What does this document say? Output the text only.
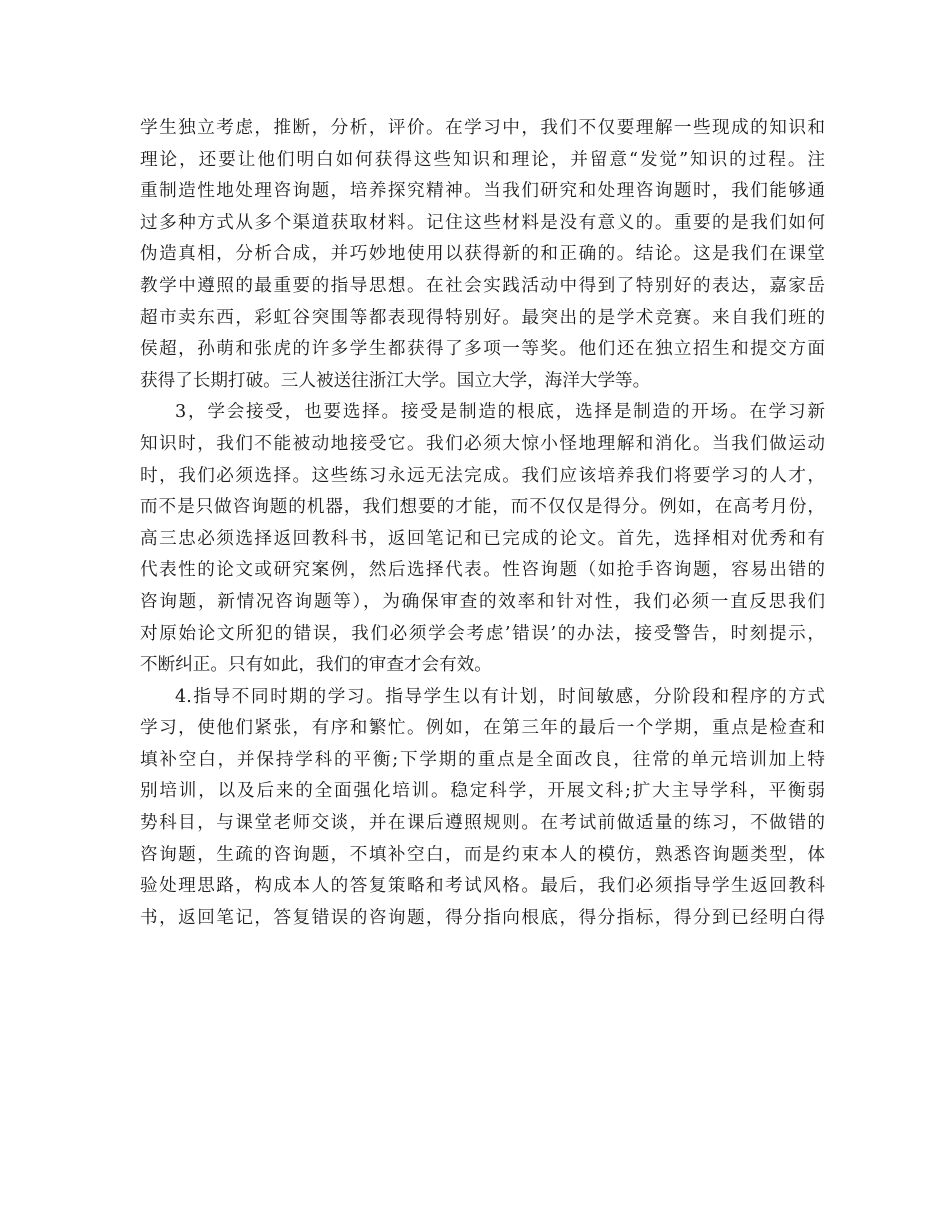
学生独立考虑，推断，分析，评价。在学习中，我们不仅要理解一些现成的知识和
理论，还要让他们明白如何获得这些知识和理论，并留意“发觉”知识的过程。注
重制造性地处理咨询题，培养探究精神。当我们研究和处理咨询题时，我们能够通
过多种方式从多个渠道获取材料。记住这些材料是没有意义的。重要的是我们如何
伪造真相，分析合成，并巧妙地使用以获得新的和正确的。结论。这是我们在课堂
教学中遵照的最重要的指导思想。在社会实践活动中得到了特别好的表达，嘉家岳
超市卖东西，彩虹谷突围等都表现得特别好。最突出的是学术竞赛。来自我们班的
侯超，孙萌和张虎的许多学生都获得了多项一等奖。他们还在独立招生和提交方面
获得了长期打破。三人被送往浙江大学。国立大学，海洋大学等。
3，学会接受，也要选择。接受是制造的根底，选择是制造的开场。在学习新
知识时，我们不能被动地接受它。我们必须大惊小怪地理解和消化。当我们做运动
时，我们必须选择。这些练习永远无法完成。我们应该培养我们将要学习的人才，
而不是只做咨询题的机器，我们想要的才能，而不仅仅是得分。例如，在高考月份，
高三忠必须选择返回教科书，返回笔记和已完成的论文。首先，选择相对优秀和有
代表性的论文或研究案例，然后选择代表。性咨询题（如抢手咨询题，容易出错的
咨询题，新情况咨询题等），为确保审查的效率和针对性，我们必须一直反思我们
对原始论文所犯的错误，我们必须学会考虑’错误’的办法，接受警告，时刻提示，
不断纠正。只有如此，我们的审查才会有效。
4.指导不同时期的学习。指导学生以有计划，时间敏感，分阶段和程序的方式
学习，使他们紧张，有序和繁忙。例如，在第三年的最后一个学期，重点是检查和
填补空白，并保持学科的平衡;下学期的重点是全面改良，往常的单元培训加上特
别培训，以及后来的全面强化培训。稳定科学，开展文科;扩大主导学科，平衡弱
势科目，与课堂老师交谈，并在课后遵照规则。在考试前做适量的练习，不做错的
咨询题，生疏的咨询题，不填补空白，而是约束本人的模仿，熟悉咨询题类型，体
验处理思路，构成本人的答复策略和考试风格。最后，我们必须指导学生返回教科
书，返回笔记，答复错误的咨询题，得分指向根底，得分指标，得分到已经明白得
